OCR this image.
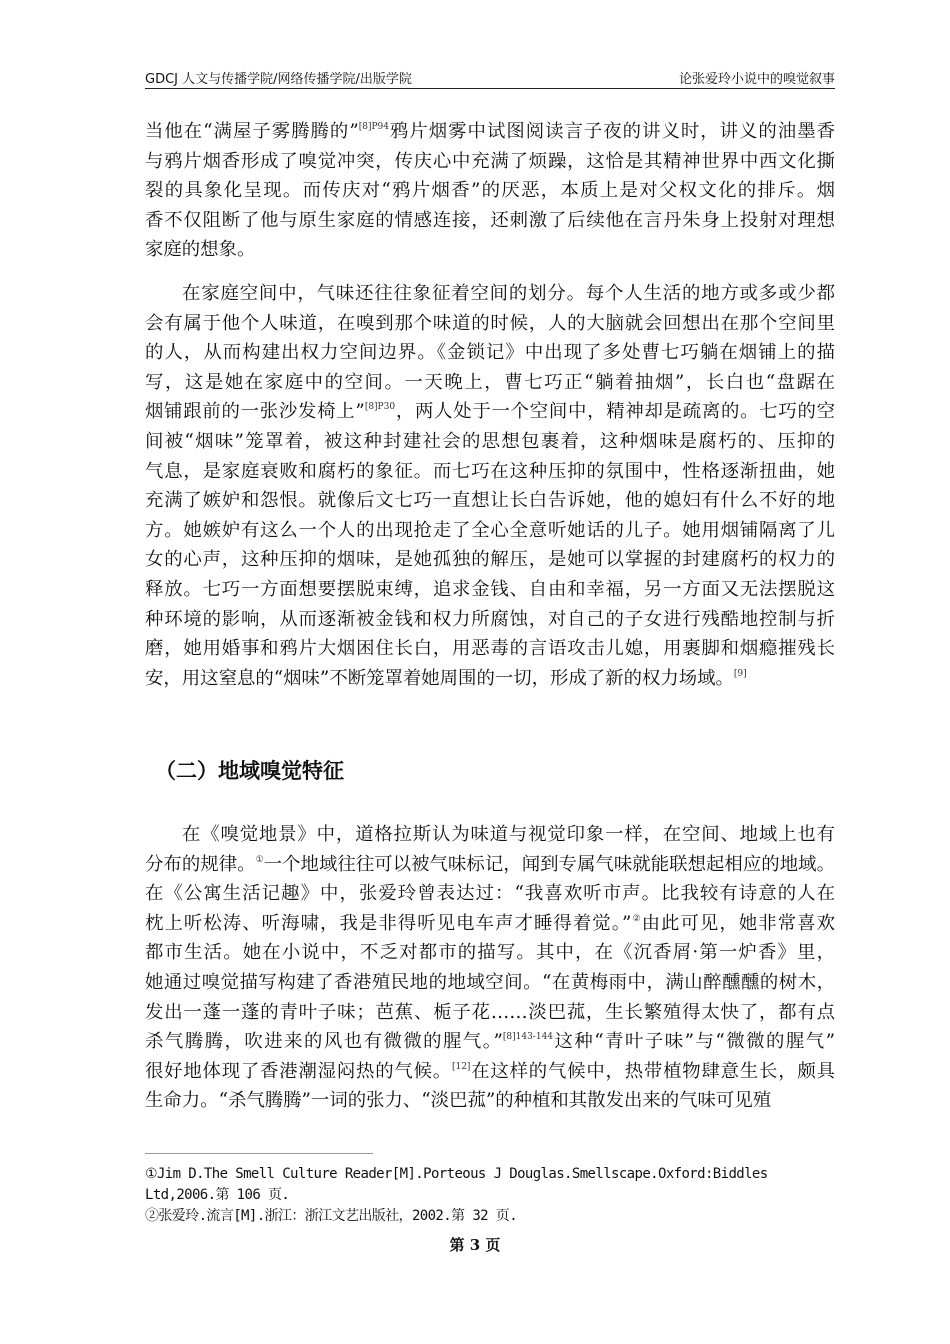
GDCJ 人文与传播学院/网络传播学院/出版学院	论张爱玲小说中的嗅觉叙事
当他在“满屋子雾腾腾的”$^{[8]P94}$鸦片烟雾中试图阅读言子夜的讲义时，讲义的油墨香
与鸦片烟香形成了嗅觉冲突，传庆心中充满了烦躁，这恰是其精神世界中西文化撕
裂的具象化呈现。而传庆对“鸦片烟香”的厌恶，本质上是对父权文化的排斥。烟
香不仅阻断了他与原生家庭的情感连接，还刺激了后续他在言丹朱身上投射对理想
家庭的想象。
在家庭空间中，气味还往往象征着空间的划分。每个人生活的地方或多或少都
会有属于他个人味道，在嗅到那个味道的时候，人的大脑就会回想出在那个空间里
的人，从而构建出权力空间边界。《金锁记》中出现了多处曹七巧躺在烟铺上的描
写，这是她在家庭中的空间。一天晚上，曹七巧正“躺着抽烟”，长白也“盘踞在
烟铺跟前的一张沙发椅上”$^{[8]P30}$，两人处于一个空间中，精神却是疏离的。七巧的空
间被“烟味”笼罩着，被这种封建社会的思想包裹着，这种烟味是腐朽的、压抑的
气息，是家庭衰败和腐朽的象征。而七巧在这种压抑的氛围中，性格逐渐扭曲，她
充满了嫉妒和怨恨。就像后文七巧一直想让长白告诉她，他的媳妇有什么不好的地
方。她嫉妒有这么一个人的出现抢走了全心全意听她话的儿子。她用烟铺隔离了儿
女的心声，这种压抑的烟味，是她孤独的解压，是她可以掌握的封建腐朽的权力的
释放。七巧一方面想要摆脱束缚，追求金钱、自由和幸福，另一方面又无法摆脱这
种环境的影响，从而逐渐被金钱和权力所腐蚀，对自己的子女进行残酷地控制与折
磨，她用婚事和鸦片大烟困住长白，用恶毒的言语攻击儿媳，用裹脚和烟瘾摧残长
安，用这窒息的“烟味”不断笼罩着她周围的一切，形成了新的权力场域。[9]
（二）地域嗅觉特征
在《嗅觉地景》中，道格拉斯认为味道与视觉印象一样，在空间、地域上也有
分布的规律。①一个地域往往可以被气味标记，闻到专属气味就能联想起相应的地域。
在《公寓生活记趣》中，张爱玲曾表达过：“我喜欢听市声。比我较有诗意的人在
枕上听松涛、听海啸，我是非得听见电车声才睡得着觉。”②由此可见，她非常喜欢
都市生活。她在小说中，不乏对都市的描写。其中，在《沉香屑·第一炉香》里，
她通过嗅觉描写构建了香港殖民地的地域空间。“在黄梅雨中，满山醉醺醺的树木，
发出一蓬一蓬的青叶子味；芭蕉、栀子花……淡巴菰，生长繁殖得太快了，都有点
杀气腾腾，吹进来的风也有微微的腥气。”$^{[8]143-144}$这种“青叶子味”与“微微的腥气”
很好地体现了香港潮湿闷热的气候。[12]在这样的气候中，热带植物肆意生长，颇具
生命力。“杀气腾腾”一词的张力、“淡巴菰”的种植和其散发出来的气味可见殖
①Jim D.The Smell Culture Reader[M].Porteous J Douglas.Smellscape.Oxford:Biddles
Ltd,2006.第 106 页.
②张爱玲.流言[M].浙江：浙江文艺出版社，2002.第 32 页.
第 3 页
